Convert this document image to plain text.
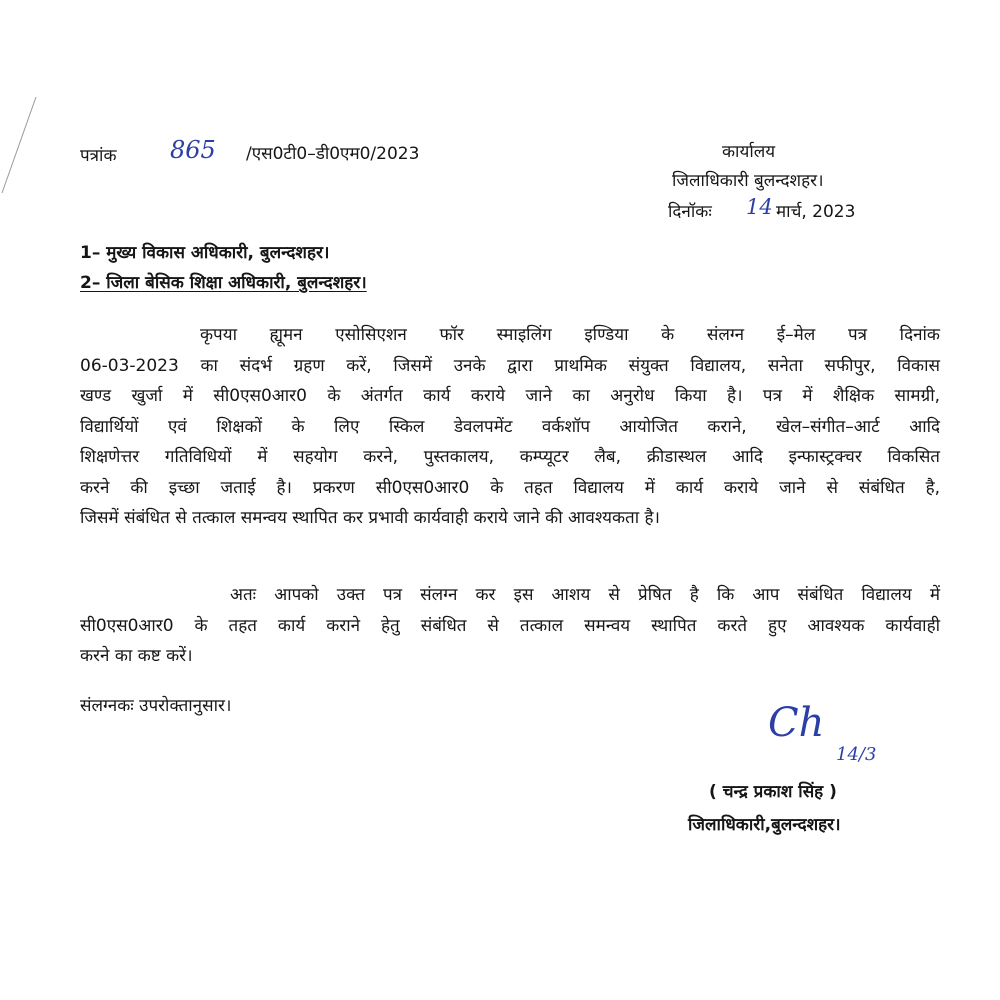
पत्रांक 865 /एस0टी0–डी0एम0/2023	कार्यालय
जिलाधिकारी बुलन्दशहर।
दिनॉकः 14 मार्च, 2023
1– मुख्य विकास अधिकारी, बुलन्दशहर।
2– जिला बेसिक शिक्षा अधिकारी, बुलन्दशहर।
कृपया ह्यूमन एसोसिएशन फॉर स्माइलिंग इण्डिया के संलग्न ई–मेल पत्र दिनांक
06-03-2023 का संदर्भ ग्रहण करें, जिसमें उनके द्वारा प्राथमिक संयुक्त विद्यालय, सनेता सफीपुर, विकास
खण्ड खुर्जा में सी0एस0आर0 के अंतर्गत कार्य कराये जाने का अनुरोध किया है। पत्र में शैक्षिक सामग्री,
विद्यार्थियों एवं शिक्षकों के लिए स्किल डेवलपमेंट वर्कशॉप आयोजित कराने, खेल–संगीत–आर्ट आदि
शिक्षणेत्तर गतिविधियों में सहयोग करने, पुस्तकालय, कम्प्यूटर लैब, क्रीडास्थल आदि इन्फास्ट्रक्चर विकसित
करने की इच्छा जताई है। प्रकरण सी0एस0आर0 के तहत विद्यालय में कार्य कराये जाने से संबंधित है,
जिसमें संबंधित से तत्काल समन्वय स्थापित कर प्रभावी कार्यवाही कराये जाने की आवश्यकता है।
अतः आपको उक्त पत्र संलग्न कर इस आशय से प्रेषित है कि आप संबंधित विद्यालय में
सी0एस0आर0 के तहत कार्य कराने हेतु संबंधित से तत्काल समन्वय स्थापित करते हुए आवश्यक कार्यवाही
करने का कष्ट करें।
संलग्नकः उपरोक्तानुसार।	Ch
14/3
( चन्द्र प्रकाश सिंह )
जिलाधिकारी,बुलन्दशहर।
